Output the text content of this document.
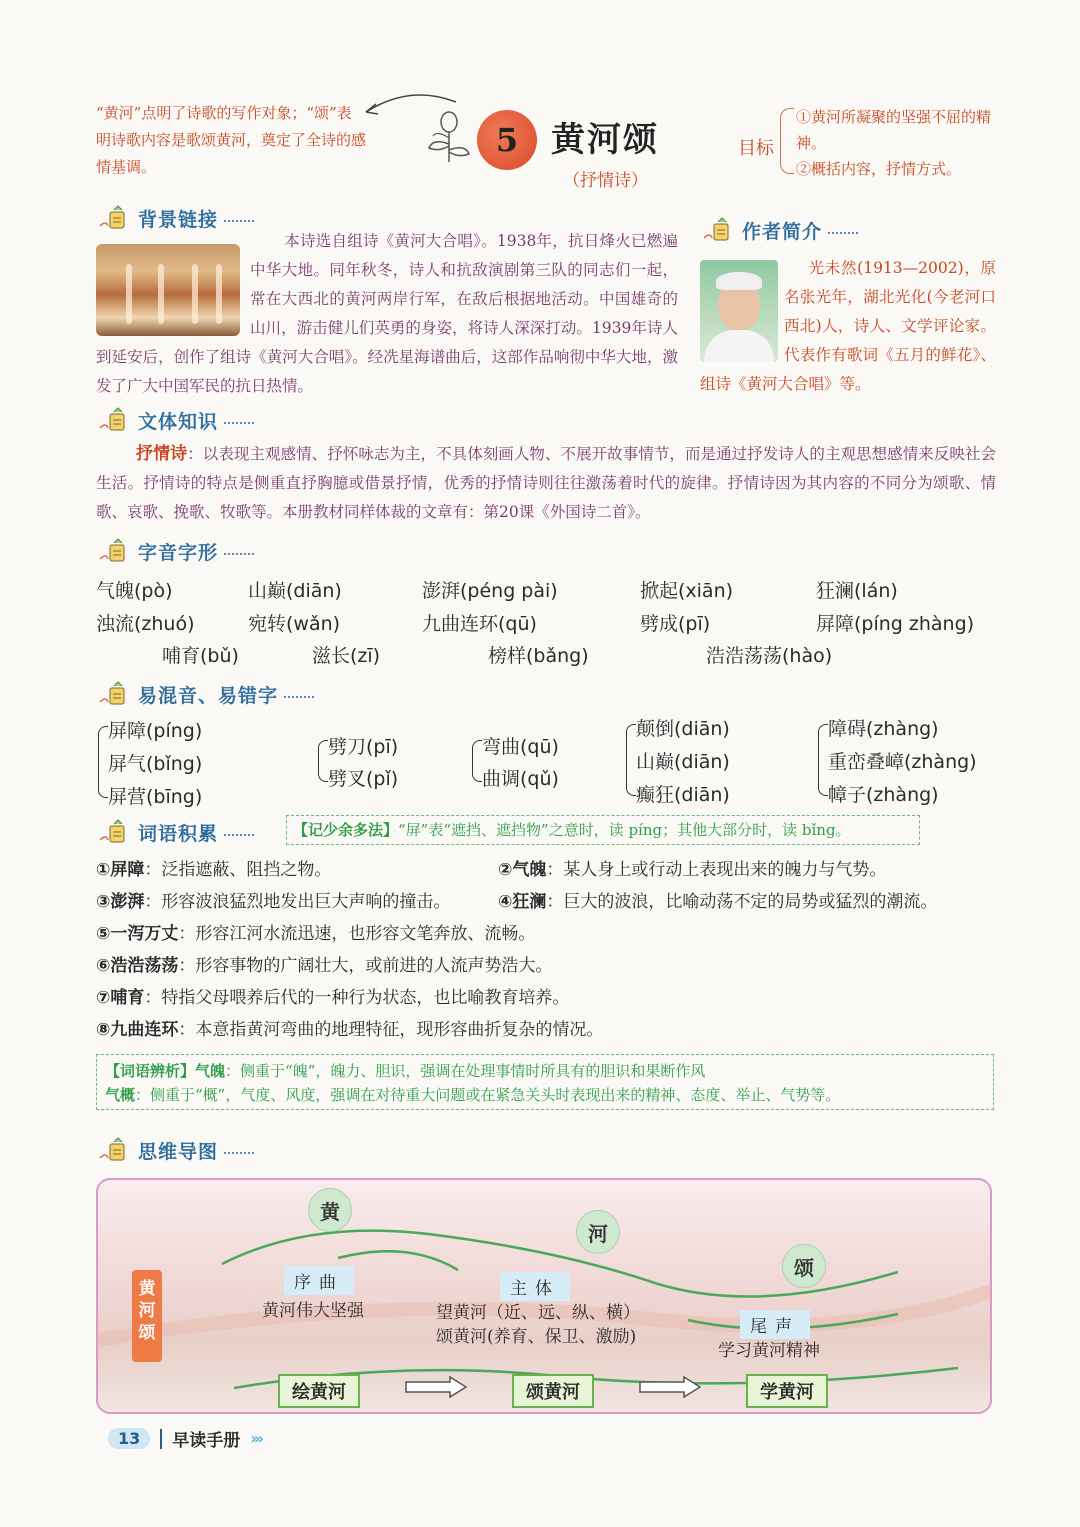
“黄河”点明了诗歌的写作对象；“颂”表明诗歌内容是歌颂黄河，奠定了全诗的感情基调。
5 黄河颂
（抒情诗）
目标
①黄河所凝聚的坚强不屈的精神。
②概括内容，抒情方式。
背景链接
本诗选自组诗《黄河大合唱》。1938年，抗日烽火已燃遍中华大地。同年秋冬，诗人和抗敌演剧第三队的同志们一起，常在大西北的黄河两岸行军，在敌后根据地活动。中国雄奇的山川，游击健儿们英勇的身姿，将诗人深深打动。1939年诗人到延安后，创作了组诗《黄河大合唱》。经冼星海谱曲后，这部作品响彻中华大地，激发了广大中国军民的抗日热情。
作者简介
光未然(1913—2002)，原名张光年，湖北光化(今老河口西北)人，诗人、文学评论家。代表作有歌词《五月的鲜花》、组诗《黄河大合唱》等。
文体知识
抒情诗：以表现主观感情、抒怀咏志为主，不具体刻画人物、不展开故事情节，而是通过抒发诗人的主观思想感情来反映社会生活。抒情诗的特点是侧重直抒胸臆或借景抒情，优秀的抒情诗则往往激荡着时代的旋律。抒情诗因为其内容的不同分为颂歌、情歌、哀歌、挽歌、牧歌等。本册教材同样体裁的文章有：第20课《外国诗二首》。
字音字形
气魄(pò)	山巅(diān)	澎湃(péng pài)	掀起(xiān)	狂澜(lán)
浊流(zhuó)	宛转(wǎn)	九曲连环(qū)	劈成(pī)	屏障(píng zhàng)
哺育(bǔ)	滋长(zī)	榜样(bǎng)	浩浩荡荡(hào)
易混音、易错字
屏障(píng)
屏气(bǐng)
屏营(bīng)
劈刀(pī)
劈叉(pǐ)
弯曲(qū)
曲调(qǔ)
颠倒(diān)
山巅(diān)
癫狂(diān)
障碍(zhàng)
重峦叠嶂(zhàng)
幛子(zhàng)
词语积累	【记少余多法】“屏”表“遮挡、遮挡物”之意时，读 píng；其他大部分时，读 bǐng。
①屏障：泛指遮蔽、阻挡之物。	②气魄：某人身上或行动上表现出来的魄力与气势。
③澎湃：形容波浪猛烈地发出巨大声响的撞击。	④狂澜：巨大的波浪，比喻动荡不定的局势或猛烈的潮流。
⑤一泻万丈：形容江河水流迅速，也形容文笔奔放、流畅。
⑥浩浩荡荡：形容事物的广阔壮大，或前进的人流声势浩大。
⑦哺育：特指父母喂养后代的一种行为状态，也比喻教育培养。
⑧九曲连环：本意指黄河弯曲的地理特征，现形容曲折复杂的情况。
【词语辨析】气魄：侧重于“魄”，魄力、胆识，强调在处理事情时所具有的胆识和果断作风
气概：侧重于“概”，气度、风度，强调在对待重大问题或在紧急关头时表现出来的精神、态度、举止、气势等。
思维导图
黄河颂
黄
河
颂
序曲
黄河伟大坚强
主体
望黄河（近、远、纵、横）
颂黄河(养育、保卫、激励)	尾声
学习黄河精神
绘黄河	颂黄河	学黄河
13	早读手册 ›››
